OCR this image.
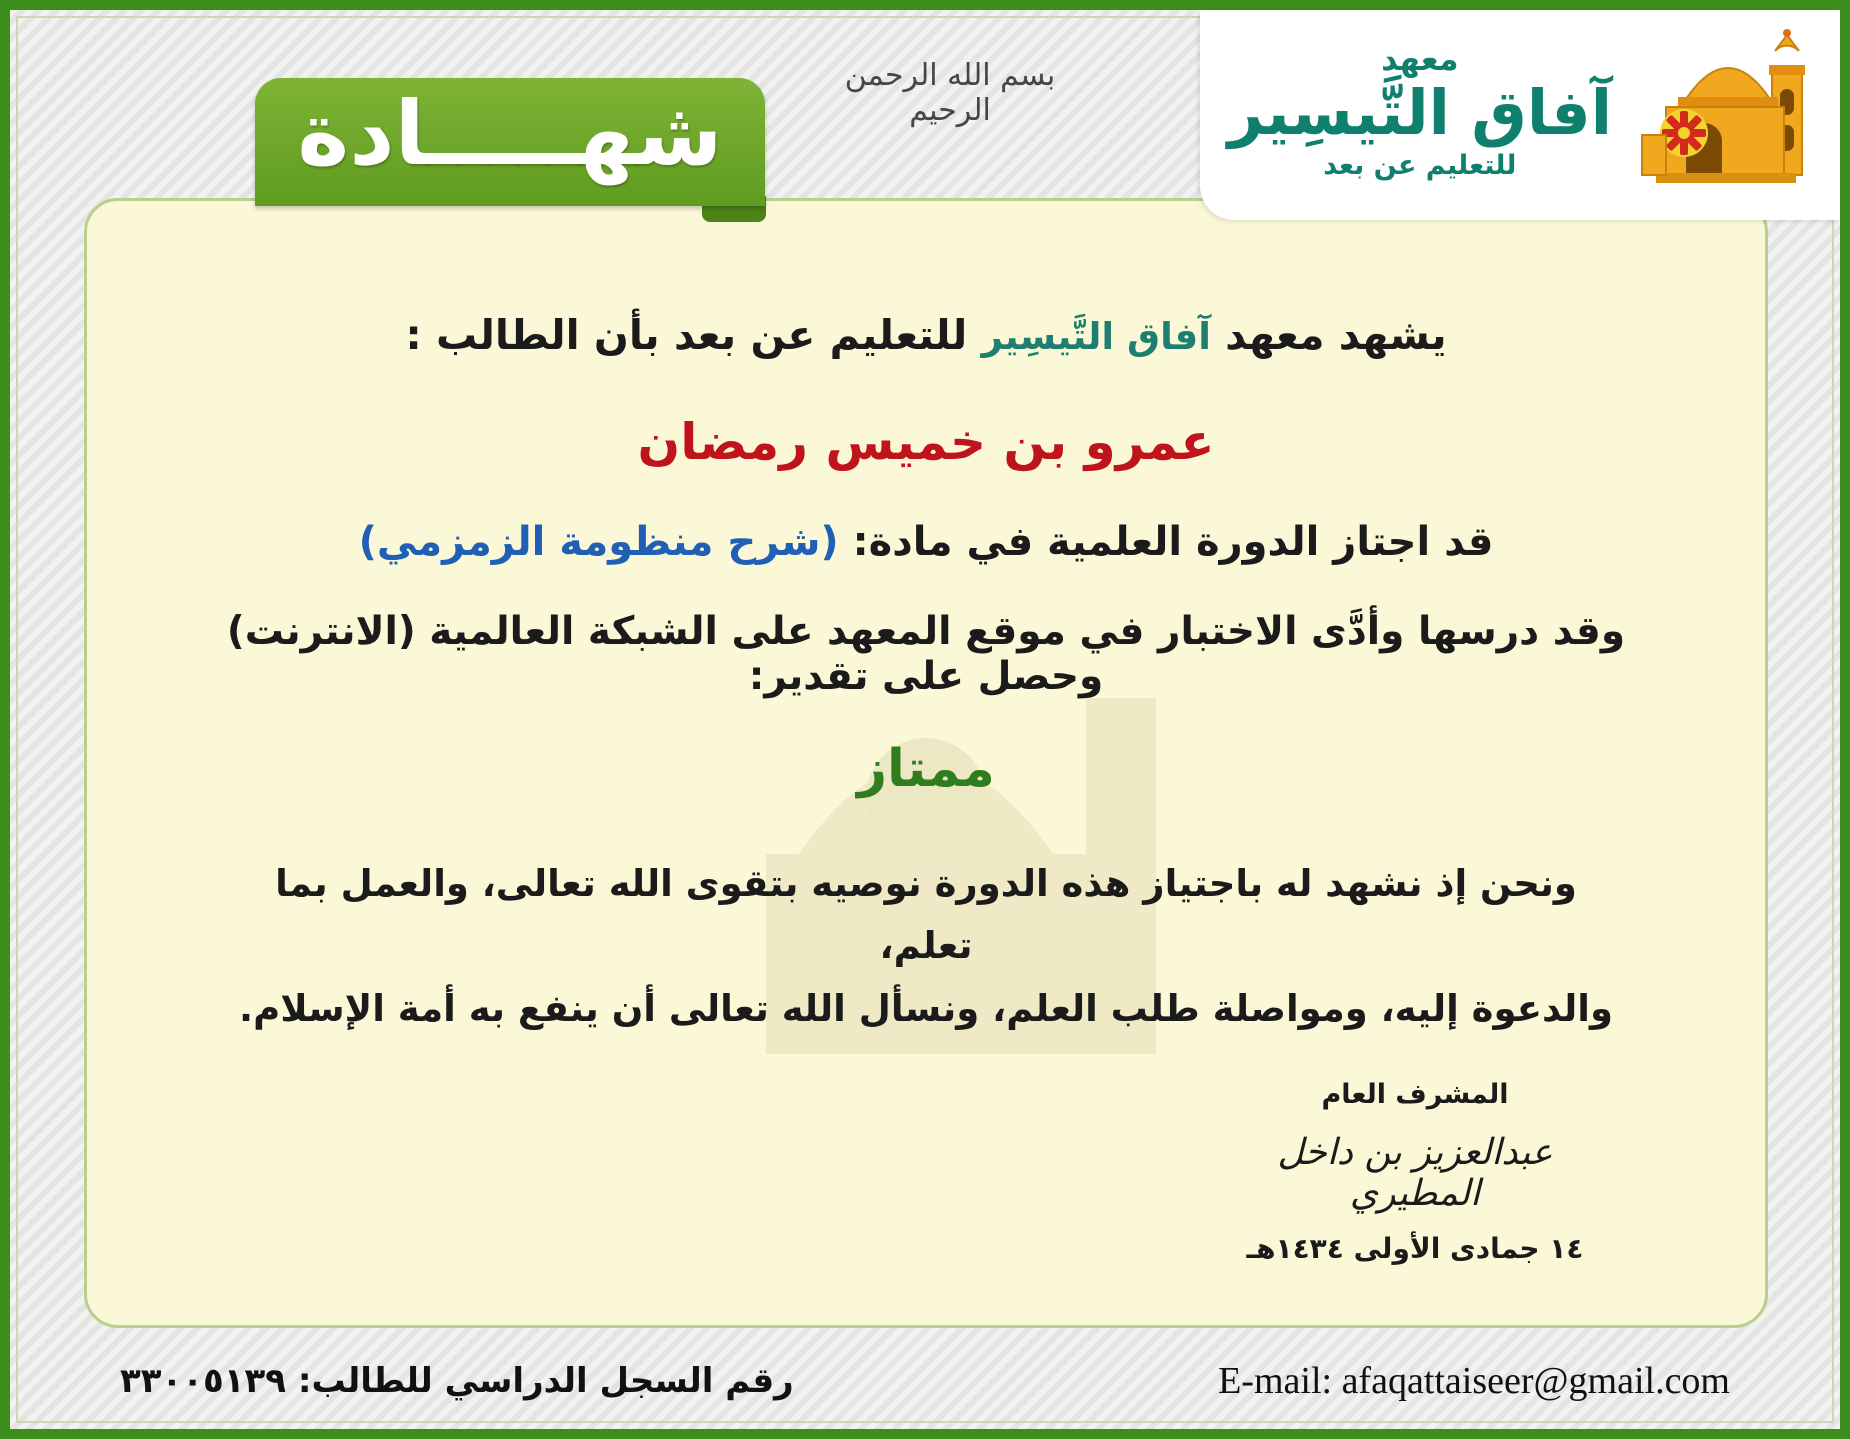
بسم الله الرحمن الرحيم
شهـــــادة
معهد
آفاق التَّيسِير
للتعليم عن بعد
يشهد معهد آفاق التَّيسِير للتعليم عن بعد بأن الطالب :
عمرو بن خميس رمضان
قد اجتاز الدورة العلمية في مادة: (شرح منظومة الزمزمي)
وقد درسها وأدَّى الاختبار في موقع المعهد على الشبكة العالمية (الانترنت) وحصل على تقدير:
ممتاز
ونحن إذ نشهد له باجتياز هذه الدورة نوصيه بتقوى الله تعالى، والعمل بما تعلم،
والدعوة إليه، ومواصلة طلب العلم، ونسأل الله تعالى أن ينفع به أمة الإسلام.
المشرف العام
عبدالعزيز بن داخل المطيري
١٤ جمادى الأولى ١٤٣٤هـ
E-mail: afaqattaiseer@gmail.com
رقم السجل الدراسي للطالب: ٣٣٠٠٥١٣٩
